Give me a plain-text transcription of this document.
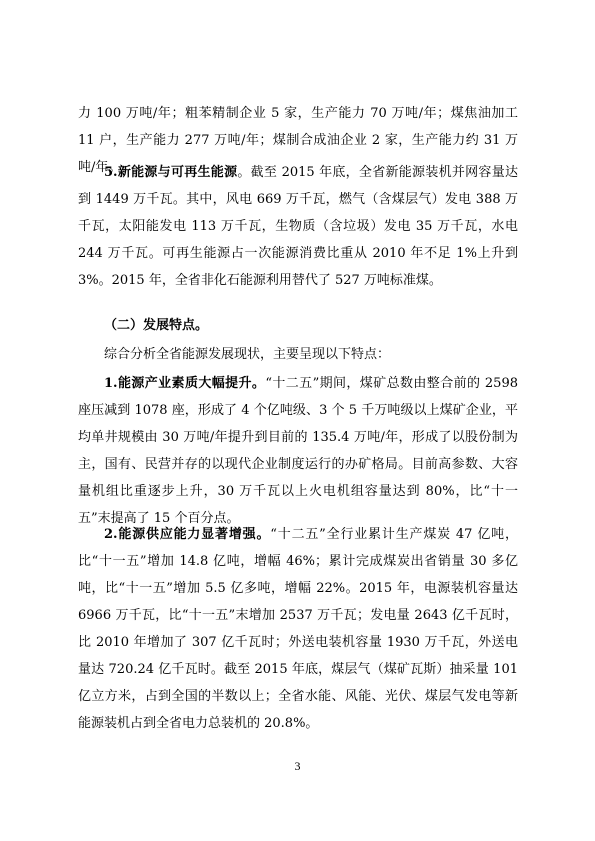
力 100 万吨/年；粗苯精制企业 5 家，生产能力 70 万吨/年；煤焦油加工 11 户，生产能力 277 万吨/年；煤制合成油企业 2 家，生产能力约 31 万吨/年。

5.新能源与可再生能源。截至 2015 年底，全省新能源装机并网容量达到 1449 万千瓦。其中，风电 669 万千瓦，燃气（含煤层气）发电 388 万千瓦，太阳能发电 113 万千瓦，生物质（含垃圾）发电 35 万千瓦，水电 244 万千瓦。可再生能源占一次能源消费比重从 2010 年不足 1%上升到 3%。2015 年，全省非化石能源利用替代了 527 万吨标准煤。

（二）发展特点。

综合分析全省能源发展现状，主要呈现以下特点：

1.能源产业素质大幅提升。“十二五”期间，煤矿总数由整合前的 2598 座压减到 1078 座，形成了 4 个亿吨级、3 个 5 千万吨级以上煤矿企业，平均单井规模由 30 万吨/年提升到目前的 135.4 万吨/年，形成了以股份制为主，国有、民营并存的以现代企业制度运行的办矿格局。目前高参数、大容量机组比重逐步上升，30 万千瓦以上火电机组容量达到 80%，比“十一五”末提高了 15 个百分点。

2.能源供应能力显著增强。“十二五”全行业累计生产煤炭 47 亿吨，比“十一五”增加 14.8 亿吨，增幅 46%；累计完成煤炭出省销量 30 多亿吨，比“十一五”增加 5.5 亿多吨，增幅 22%。2015 年，电源装机容量达 6966 万千瓦，比“十一五”末增加 2537 万千瓦；发电量 2643 亿千瓦时，比 2010 年增加了 307 亿千瓦时；外送电装机容量 1930 万千瓦，外送电量达 720.24 亿千瓦时。截至 2015 年底，煤层气（煤矿瓦斯）抽采量 101 亿立方米，占到全国的半数以上；全省水能、风能、光伏、煤层气发电等新能源装机占到全省电力总装机的 20.8%。

3
